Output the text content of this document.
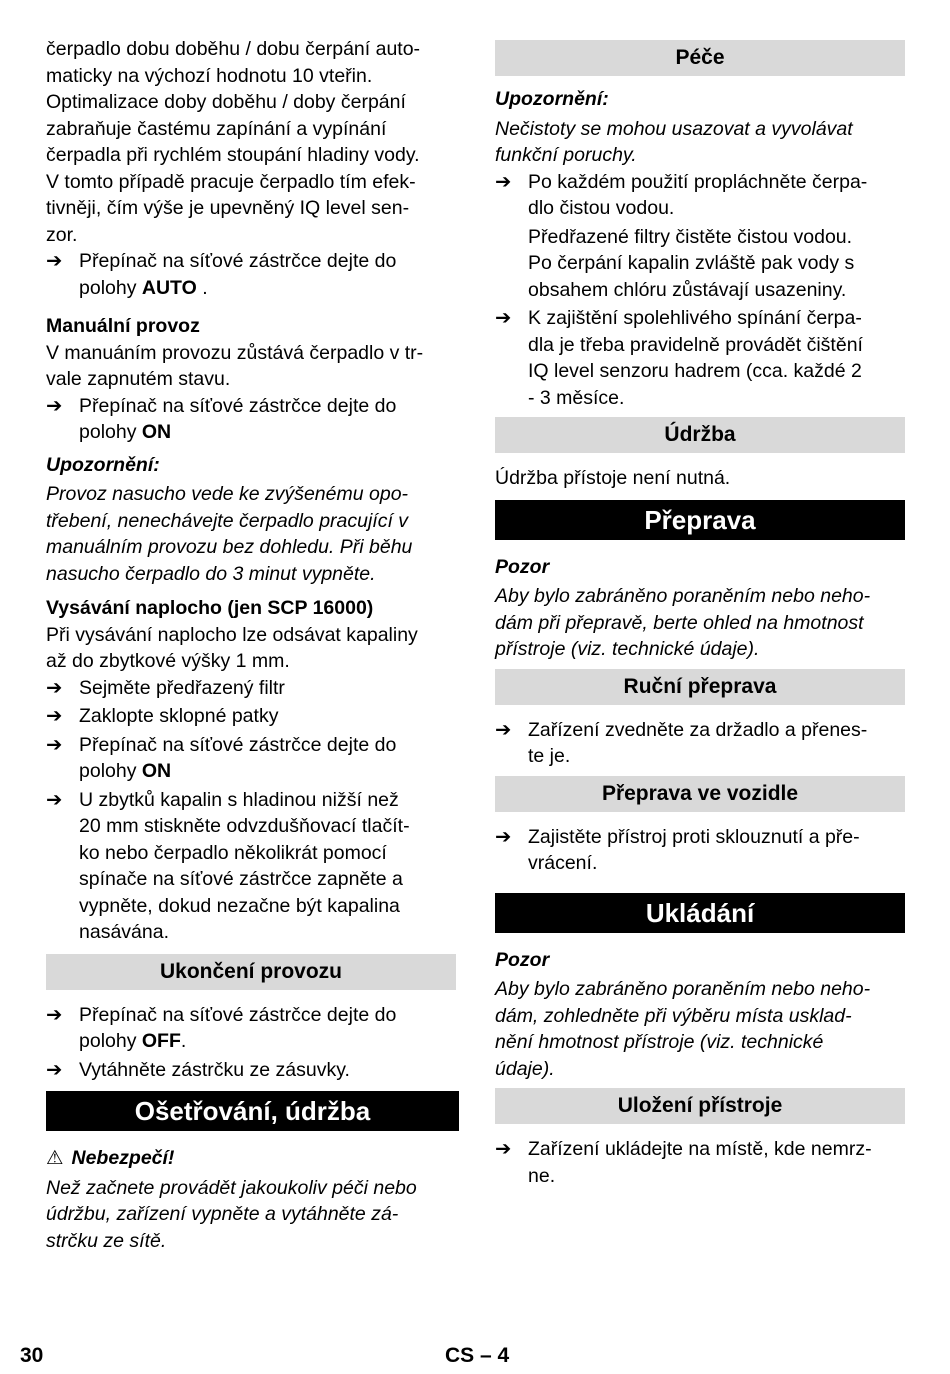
čerpadlo dobu doběhu / dobu čerpání auto-
maticky na výchozí hodnotu 10 vteřin.
Optimalizace doby doběhu / doby čerpání
zabraňuje častému zapínání a vypínání
čerpadla při rychlém stoupání hladiny vody.
V tomto případě pracuje čerpadlo tím efek-
tivněji, čím výše je upevněný IQ level sen-
zor.

➔ Přepínač na síťové zástrčce dejte do
polohy AUTO .
Manuální provoz

V manuáním provozu zůstává čerpadlo v tr-
vale zapnutém stavu.

➔ Přepínač na síťové zástrčce dejte do
polohy ON
Upozornění:

Provoz nasucho vede ke zvýšenému opo-
třebení, nenechávejte čerpadlo pracující v
manuálním provozu bez dohledu. Při běhu
nasucho čerpadlo do 3 minut vypněte.

Vysávání naplocho (jen SCP 16000)

Při vysávání naplocho lze odsávat kapaliny
až do zbytkové výšky 1 mm.

➔ Sejměte předřazený filtr
➔ Zaklopte sklopné patky
➔ Přepínač na síťové zástrčce dejte do
polohy ON
➔ U zbytků kapalin s hladinou nižší než
20 mm stiskněte odvzdušňovací tlačít-
ko nebo čerpadlo několikrát pomocí
spínače na síťové zástrčce zapněte a
vypněte, dokud nezačne být kapalina
nasávána.
Ukončení provozu
➔ Přepínač na síťové zástrčce dejte do
polohy OFF.
➔ Vytáhněte zástrčku ze zásuvky.
Ošetřování, údržba
⚠ Nebezpečí!

Než začnete provádět jakoukoliv péči nebo
údržbu, zařízení vypněte a vytáhněte zá-
strčku ze sítě.

Péče
Upozornění:

Nečistoty se mohou usazovat a vyvolávat
funkční poruchy.

➔ Po každém použití propláchněte čerpa-
dlo čistou vodou.

Předřazené filtry čistěte čistou vodou.
Po čerpání kapalin zvláště pak vody s
obsahem chlóru zůstávají usazeniny.

➔ K zajištění spolehlivého spínání čerpa-
dla je třeba pravidelně provádět čištění
IQ level senzoru hadrem (cca. každé 2
- 3 měsíce.
Údržba

Údržba přístoje není nutná.

Přeprava
Pozor

Aby bylo zabráněno poraněním nebo neho-
dám při přepravě, berte ohled na hmotnost
přístroje (viz. technické údaje).

Ruční přeprava
➔ Zařízení zvedněte za držadlo a přenes-
te je.
Přeprava ve vozidle
➔ Zajistěte přístroj proti sklouznutí a pře-
vrácení.
Ukládání
Pozor

Aby bylo zabráněno poraněním nebo neho-
dám, zohledněte při výběru místa usklad-
nění hmotnost přístroje (viz. technické
údaje).

Uložení přístroje
➔ Zařízení ukládejte na místě, kde nemrz-
ne.
30	CS – 4
